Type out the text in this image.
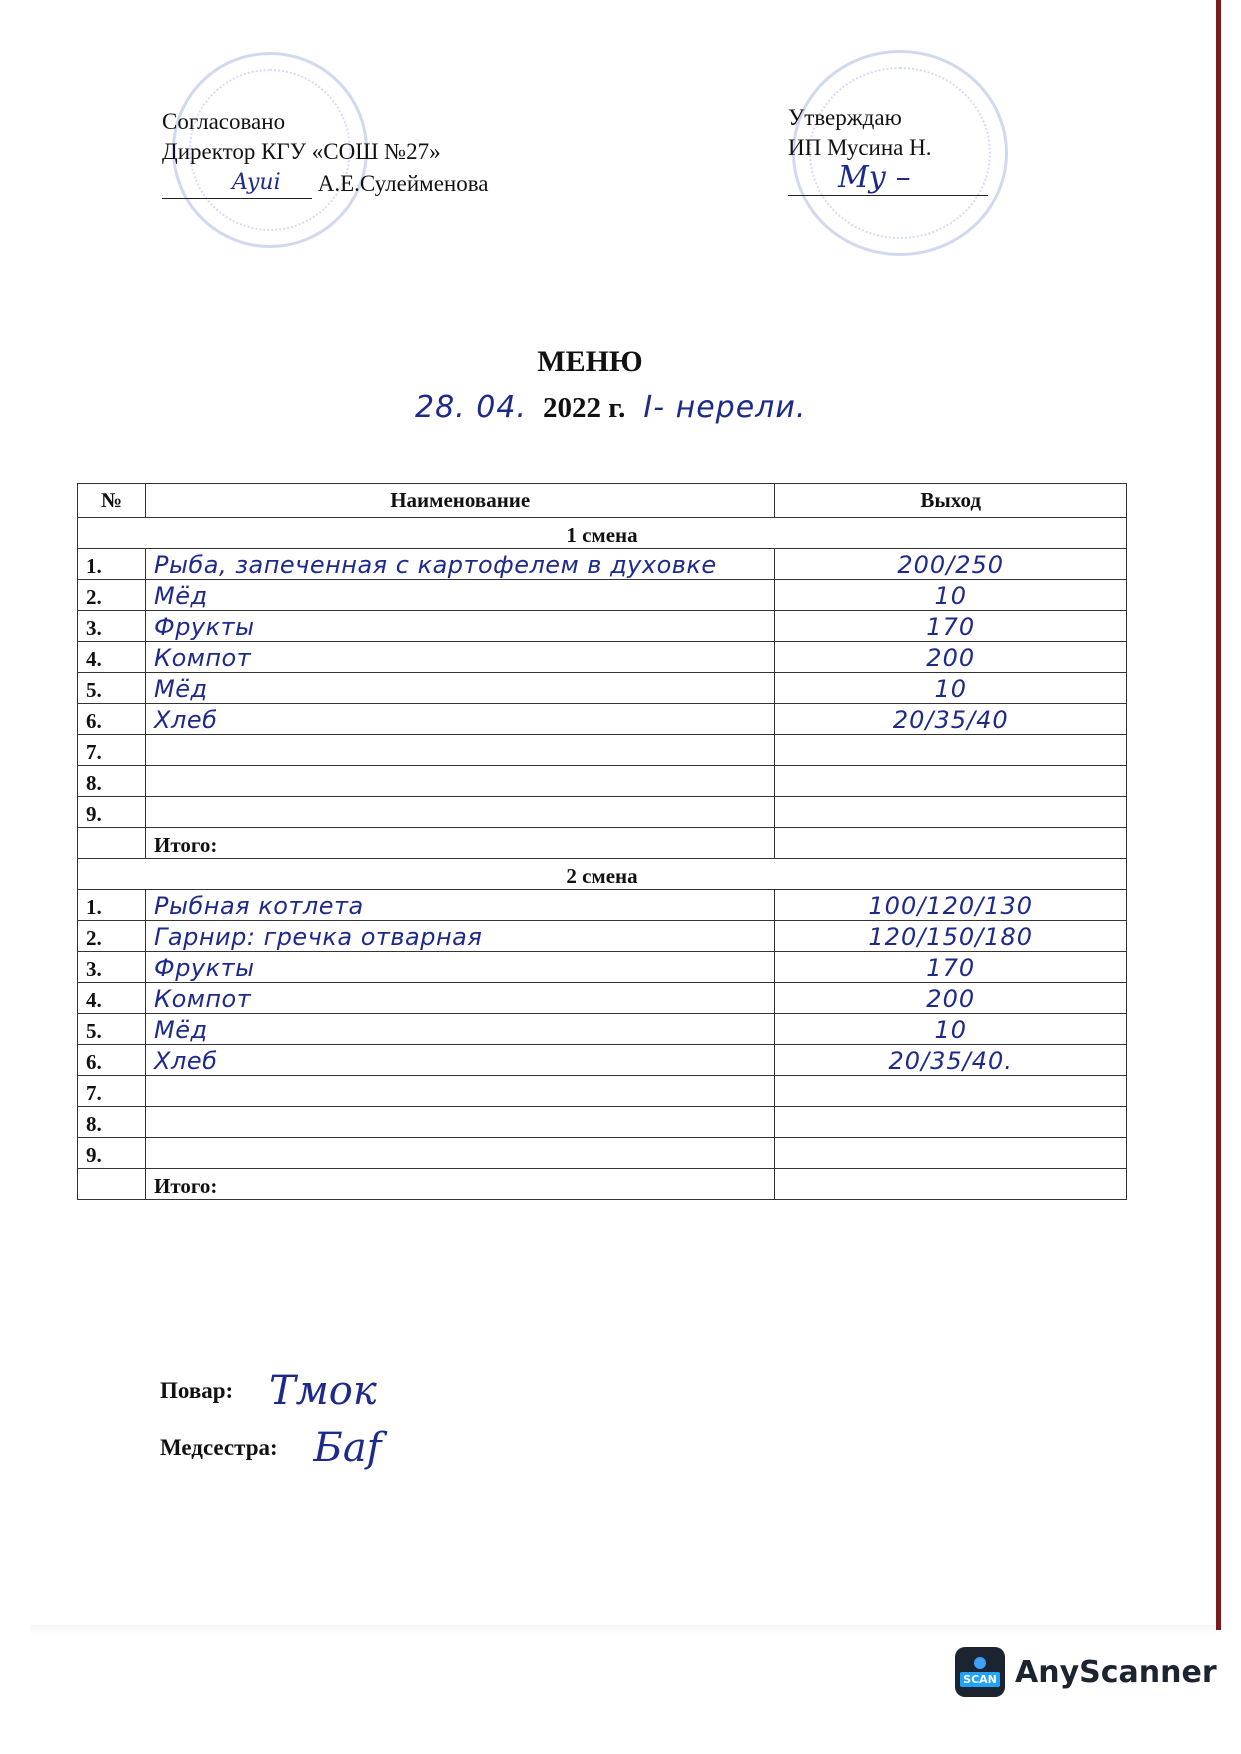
Согласовано
Директор КГУ «СОШ №27»
Ayui А.Е.Сулейменова
Утверждаю
ИП Мусина Н.
Му –
МЕНЮ
28. 04. 2022 г. I- нерели.
№	Наименование	Выход
1 смена		
1.	Рыба, запеченная с картофелем в духовке	200/250
2.	Мёд	10
3.	Фрукты	170
4.	Компот	200
5.	Мёд	10
6.	Хлеб	20/35/40
7.		
8.		
9.		
	Итого:	
2 смена		
1.	Рыбная котлета	100/120/130
2.	Гарнир: гречка отварная	120/150/180
3.	Фрукты	170
4.	Компот	200
5.	Мёд	10
6.	Хлеб	20/35/40.
7.		
8.		
9.		
	Итого:	
Повар: Тмок
Медсестра: Баf
SCAN AnyScanner
